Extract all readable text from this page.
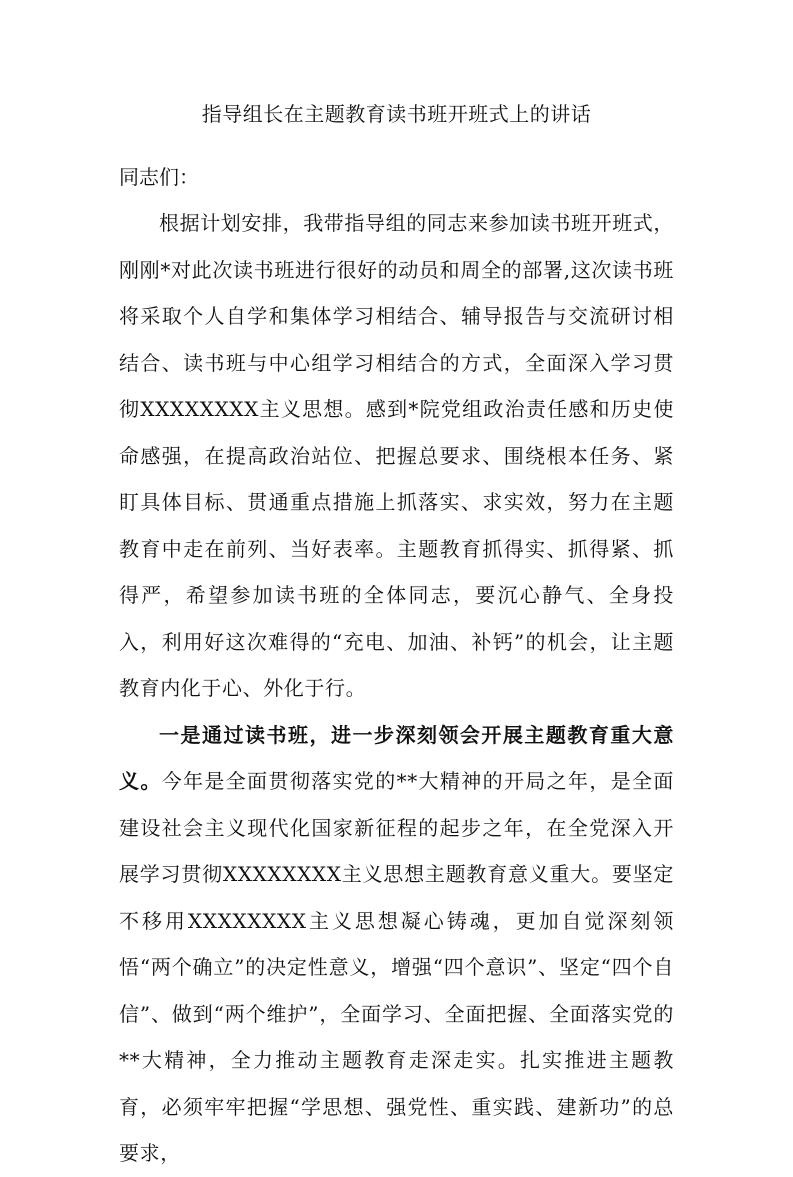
指导组长在主题教育读书班开班式上的讲话

同志们：

根据计划安排，我带指导组的同志来参加读书班开班式，刚刚*对此次读书班进行很好的动员和周全的部署,这次读书班将采取个人自学和集体学习相结合、辅导报告与交流研讨相结合、读书班与中心组学习相结合的方式，全面深入学习贯彻XXXXXXXX主义思想。感到*院党组政治责任感和历史使命感强，在提高政治站位、把握总要求、围绕根本任务、紧盯具体目标、贯通重点措施上抓落实、求实效，努力在主题教育中走在前列、当好表率。主题教育抓得实、抓得紧、抓得严，希望参加读书班的全体同志，要沉心静气、全身投入，利用好这次难得的“充电、加油、补钙”的机会，让主题教育内化于心、外化于行。

一是通过读书班，进一步深刻领会开展主题教育重大意义。今年是全面贯彻落实党的**大精神的开局之年，是全面建设社会主义现代化国家新征程的起步之年，在全党深入开展学习贯彻XXXXXXXX主义思想主题教育意义重大。要坚定不移用XXXXXXXX主义思想凝心铸魂，更加自觉深刻领悟“两个确立”的决定性意义，增强“四个意识”、坚定“四个自信”、做到“两个维护”，全面学习、全面把握、全面落实党的**大精神，全力推动主题教育走深走实。扎实推进主题教育，必须牢牢把握“学思想、强党性、重实践、建新功”的总要求，
